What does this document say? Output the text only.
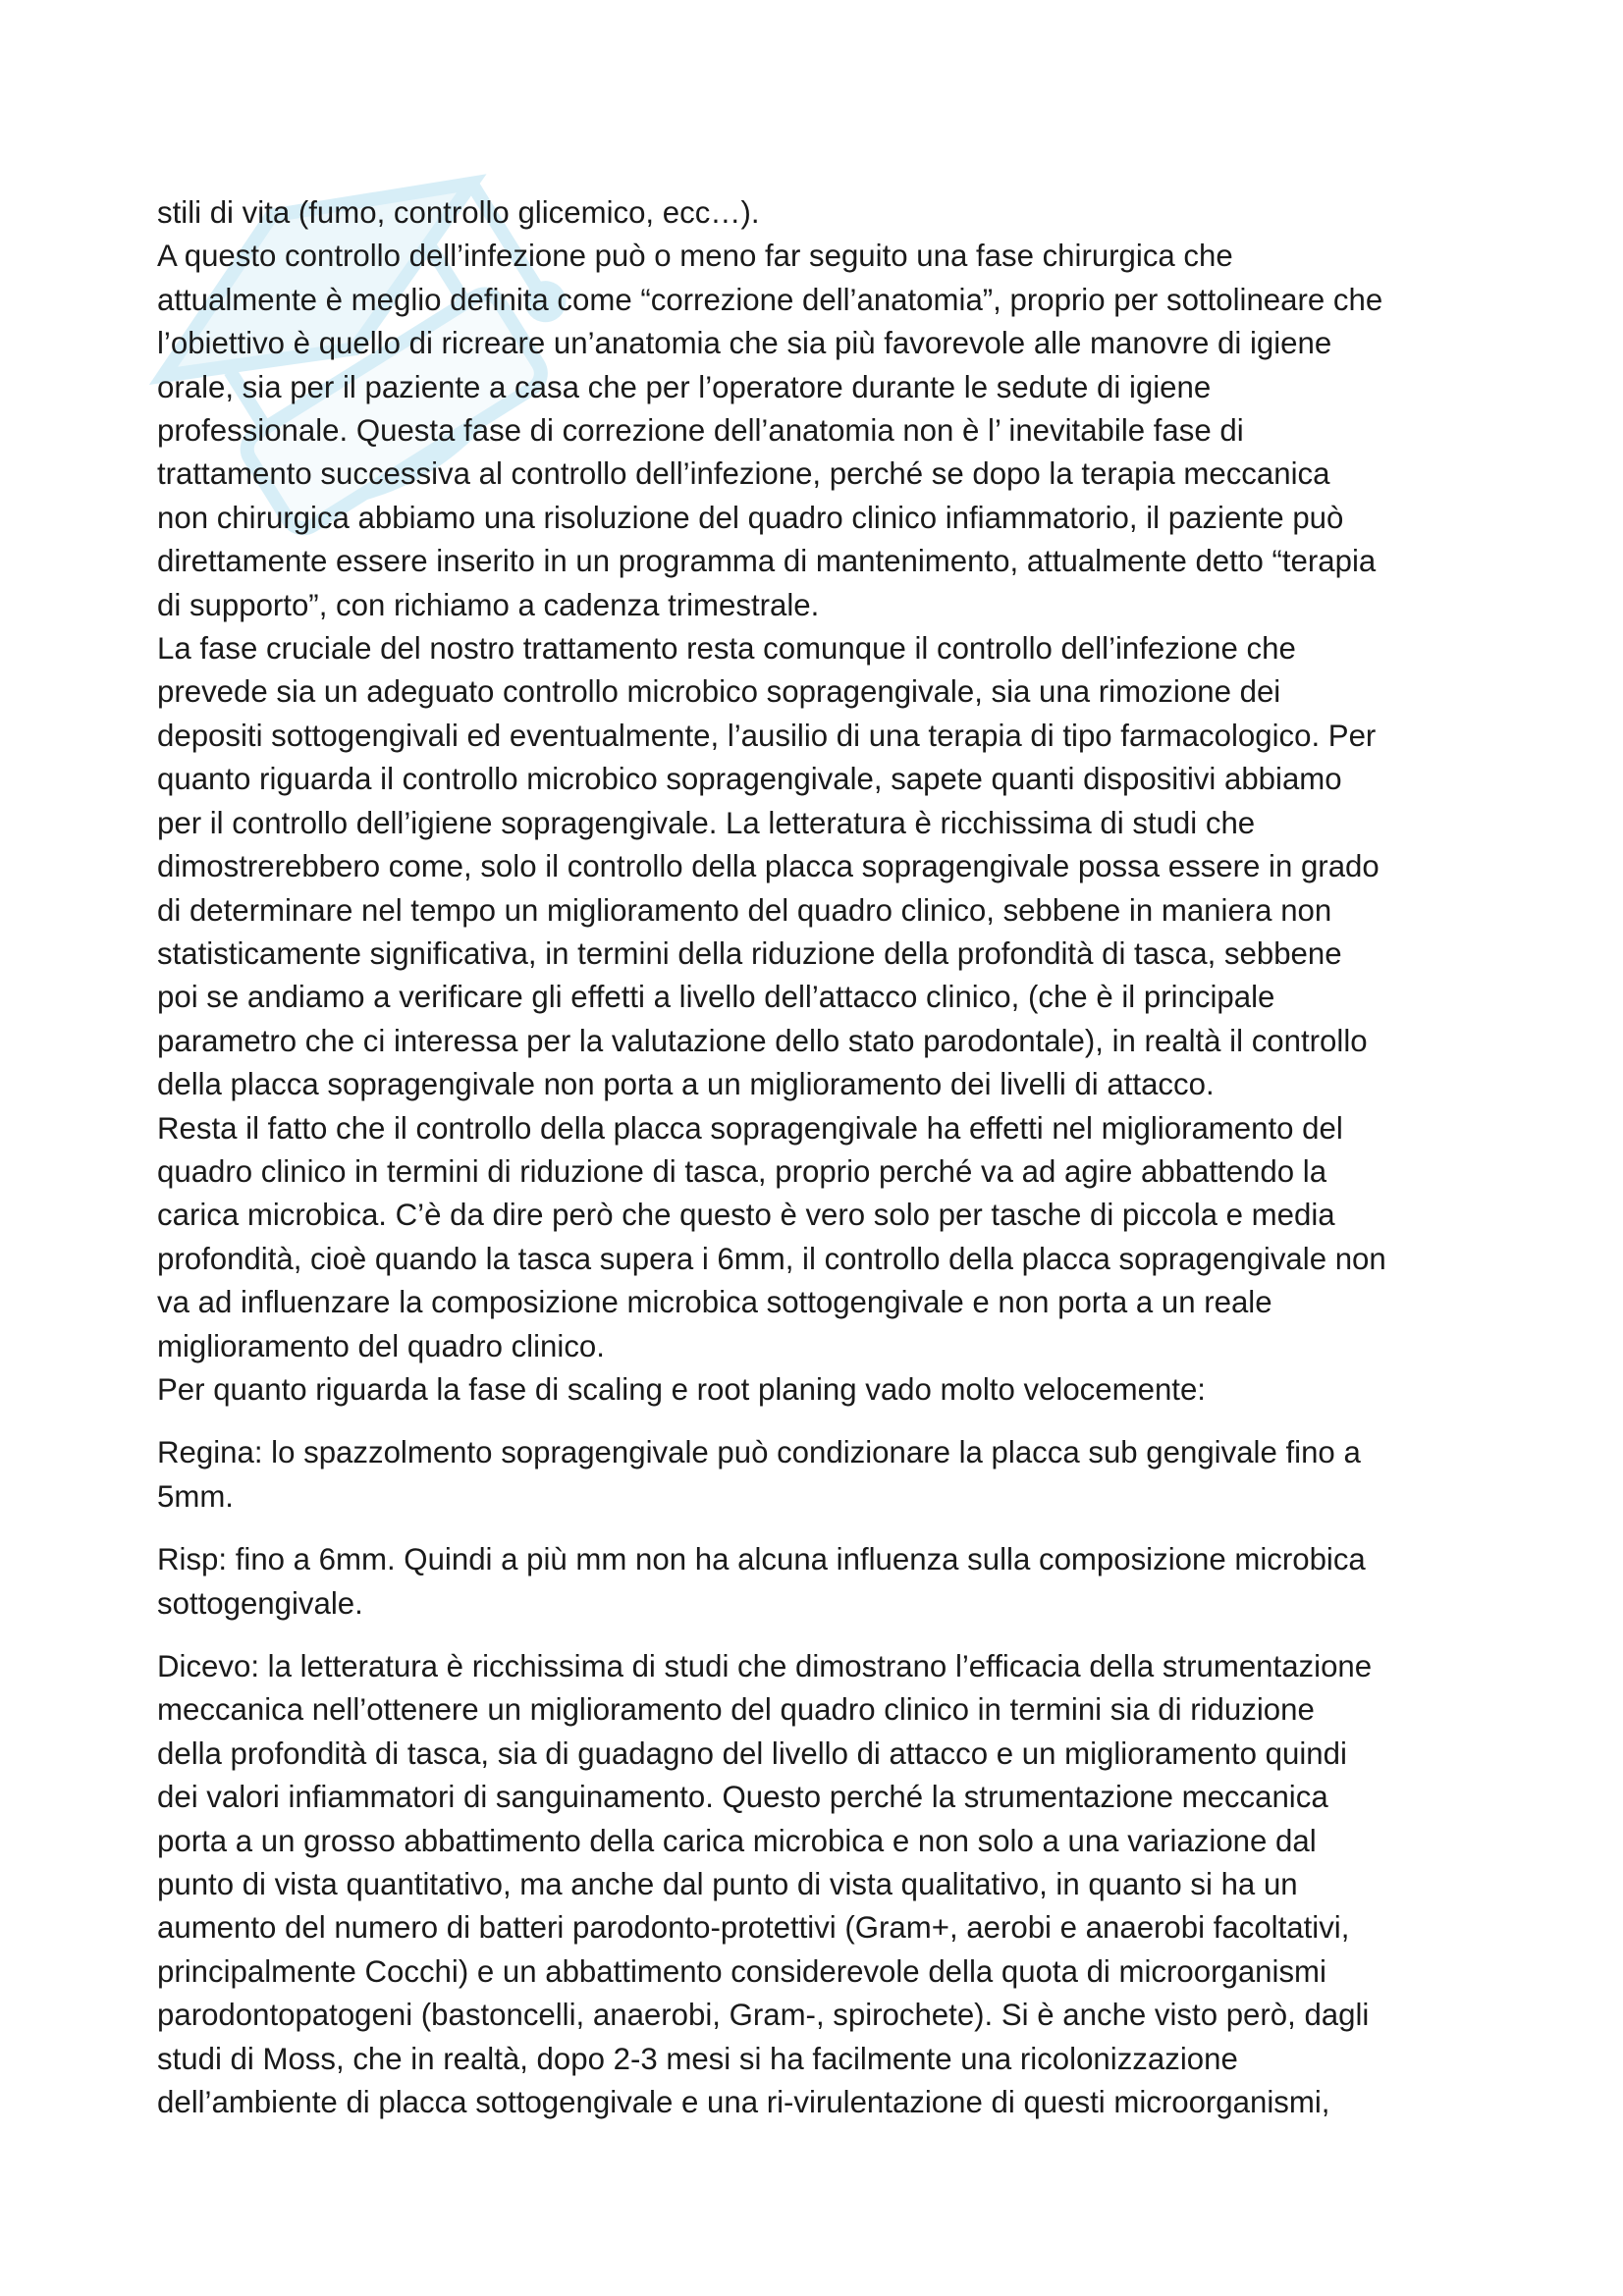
stili di vita (fumo, controllo glicemico, ecc…).

A questo controllo dell’infezione può o meno far seguito una fase chirurgica che

attualmente è meglio definita come “correzione dell’anatomia”, proprio per sottolineare che

l’obiettivo è quello di ricreare un’anatomia che sia più favorevole alle manovre di igiene

orale, sia per il paziente a casa che per l’operatore durante le sedute di igiene

professionale. Questa fase di correzione dell’anatomia non è l’ inevitabile fase di

trattamento successiva al controllo dell’infezione, perché se dopo la terapia meccanica

non chirurgica abbiamo una risoluzione del quadro clinico infiammatorio, il paziente può

direttamente essere inserito in un programma di mantenimento, attualmente detto “terapia

di supporto”, con richiamo a cadenza trimestrale.

La fase cruciale del nostro trattamento resta comunque il controllo dell’infezione che

prevede sia un adeguato controllo microbico sopragengivale, sia una rimozione dei

depositi sottogengivali ed eventualmente, l’ausilio di una terapia di tipo farmacologico. Per

quanto riguarda il controllo microbico sopragengivale, sapete quanti dispositivi abbiamo

per il controllo dell’igiene sopragengivale. La letteratura è ricchissima di studi che

dimostrerebbero come, solo il controllo della placca sopragengivale possa essere in grado

di determinare nel tempo un miglioramento del quadro clinico, sebbene in maniera non

statisticamente significativa, in termini della riduzione della profondità di tasca, sebbene

poi se andiamo a verificare gli effetti a livello dell’attacco clinico, (che è il principale

parametro che ci interessa per la valutazione dello stato parodontale), in realtà il controllo

della placca sopragengivale non porta a un miglioramento dei livelli di attacco.

Resta il fatto che il controllo della placca sopragengivale ha effetti nel miglioramento del

quadro clinico in termini di riduzione di tasca, proprio perché va ad agire abbattendo la

carica microbica. C’è da dire però che questo è vero solo per tasche di piccola e media

profondità, cioè quando la tasca supera i 6mm, il controllo della placca sopragengivale non

va ad influenzare la composizione microbica sottogengivale e non porta a un reale

miglioramento del quadro clinico.

Per quanto riguarda la fase di scaling e root planing vado molto velocemente:

Regina: lo spazzolmento sopragengivale può condizionare la placca sub gengivale fino a

5mm.

Risp: fino a 6mm. Quindi a più mm non ha alcuna influenza sulla composizione microbica

sottogengivale.

Dicevo: la letteratura è ricchissima di studi che dimostrano l’efficacia della strumentazione

meccanica nell’ottenere un miglioramento del quadro clinico in termini sia di riduzione

della profondità di tasca, sia di guadagno del livello di attacco e un miglioramento quindi

dei valori infiammatori di sanguinamento. Questo perché la strumentazione meccanica

porta a un grosso abbattimento della carica microbica e non solo a una variazione dal

punto di vista quantitativo, ma anche dal punto di vista qualitativo, in quanto si ha un

aumento del numero di batteri parodonto-protettivi (Gram+, aerobi e anaerobi facoltativi,

principalmente Cocchi) e un abbattimento considerevole della quota di microorganismi

parodontopatogeni (bastoncelli, anaerobi, Gram-, spirochete). Si è anche visto però, dagli

studi di Moss, che in realtà, dopo 2-3 mesi si ha facilmente una ricolonizzazione

dell’ambiente di placca sottogengivale e una ri-virulentazione di questi microorganismi,
